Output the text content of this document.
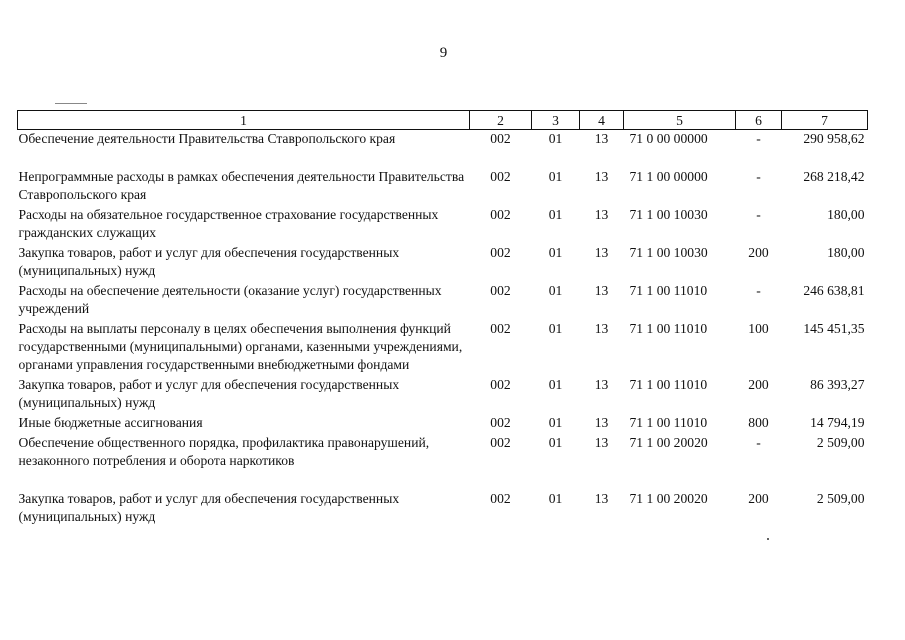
9
1	2	3	4	5	6	7
Обеспечение деятельности Правительства Ставропольского края	002	01	13	71 0 00 00000	-	290 958,62
Непрограммные расходы в рамках обеспечения деятельности Правительства Ставропольского края	002	01	13	71 1 00 00000	-	268 218,42
Расходы на обязательное государственное страхование государственных гражданских служащих	002	01	13	71 1 00 10030	-	180,00
Закупка товаров, работ и услуг для обеспечения государственных (муниципальных) нужд	002	01	13	71 1 00 10030	200	180,00
Расходы на обеспечение деятельности (оказание услуг) государственных учреждений	002	01	13	71 1 00 11010	-	246 638,81
Расходы на выплаты персоналу в целях обеспечения выполнения функций государственными (муниципальными) органами, казенными учреждениями, органами управления государственными внебюджетными фондами	002	01	13	71 1 00 11010	100	145 451,35
Закупка товаров, работ и услуг для обеспечения государственных (муниципальных) нужд	002	01	13	71 1 00 11010	200	86 393,27
Иные бюджетные ассигнования	002	01	13	71 1 00 11010	800	14 794,19
Обеспечение общественного порядка, профилактика правонарушений, незаконного потребления и оборота наркотиков	002	01	13	71 1 00 20020	-	2 509,00
Закупка товаров, работ и услуг для обеспечения государственных (муниципальных) нужд	002	01	13	71 1 00 20020	200	2 509,00
